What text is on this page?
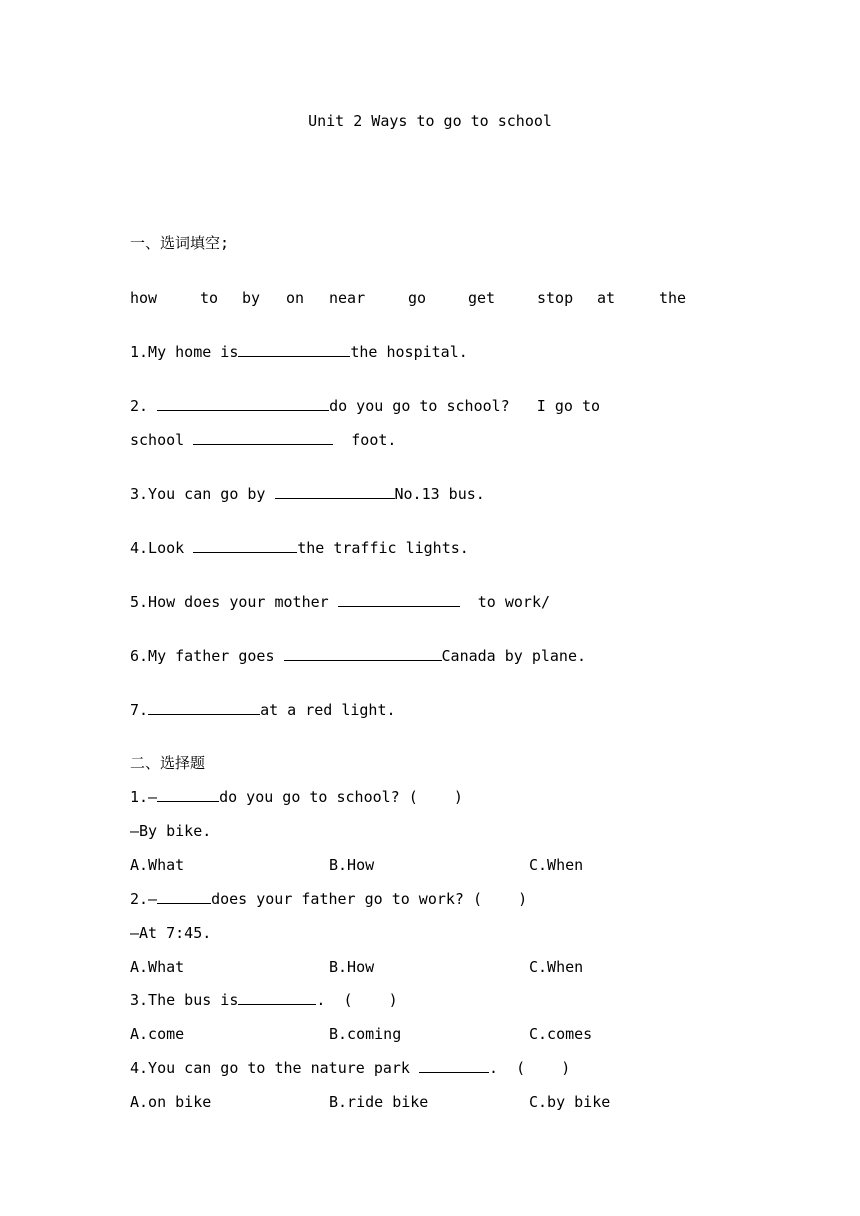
Unit 2 Ways to go to school
一、选词填空;

how

	to

by

on

near

	go

	get

	stop

at

	the

1.My home is	the hospital.
2.	do you go to school?   I go to
school	foot.
3.You can go by	No.13 bus.
4.Look	the traffic lights.
5.How does your mother	to work/
6.My father goes	Canada by plane.
7.	at a red light.
二、选择题
1.—	do you go to school? (    )
—By bike.

A.What

	B.How

	C.When

2.—	does your father go to work? (    )
—At 7:45.

A.What

	B.How

	C.When

3.The bus is	.  (    )

A.come

	B.coming

	C.comes

4.You can go to the nature park	.  (    )

A.on bike

	B.ride bike

	C.by bike
